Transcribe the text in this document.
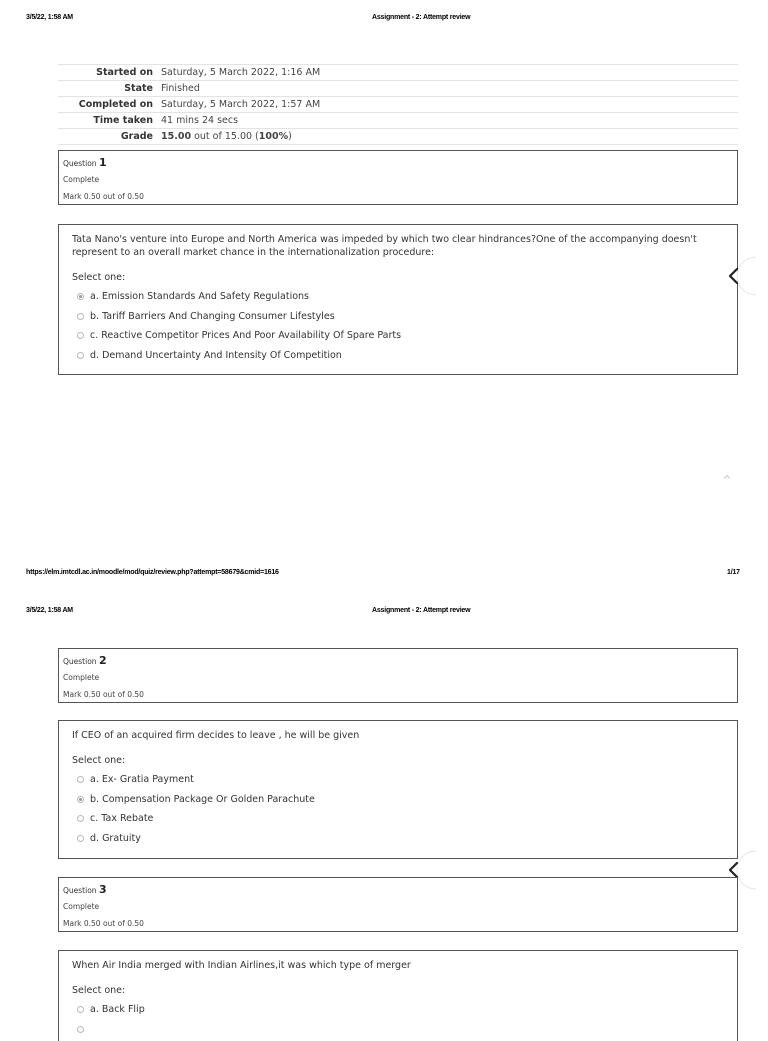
3/5/22, 1:58 AM	Assignment - 2: Attempt review
Started on	Saturday, 5 March 2022, 1:16 AM
State	Finished
Completed on	Saturday, 5 March 2022, 1:57 AM
Time taken	41 mins 24 secs
Grade	15.00 out of 15.00 (100%)
Question 1
Complete
Mark 0.50 out of 0.50
Tata Nano's venture into Europe and North America was impeded by which two clear hindrances?One of the accompanying doesn't represent to an overall market chance in the internationalization procedure:
Select one:
a. Emission Standards And Safety Regulations
b. Tariff Barriers And Changing Consumer Lifestyles
c. Reactive Competitor Prices And Poor Availability Of Spare Parts
d. Demand Uncertainty And Intensity Of Competition
https://elm.imtcdl.ac.in/moodle/mod/quiz/review.php?attempt=58679&cmid=1616	1/17
3/5/22, 1:58 AM	Assignment - 2: Attempt review
Question 2
Complete
Mark 0.50 out of 0.50
If CEO of an acquired firm decides to leave , he will be given
Select one:
a. Ex- Gratia Payment
b. Compensation Package Or Golden Parachute
c. Tax Rebate
d. Gratuity
Question 3
Complete
Mark 0.50 out of 0.50
When Air India merged with Indian Airlines,it was which type of merger
Select one:
a. Back Flip
